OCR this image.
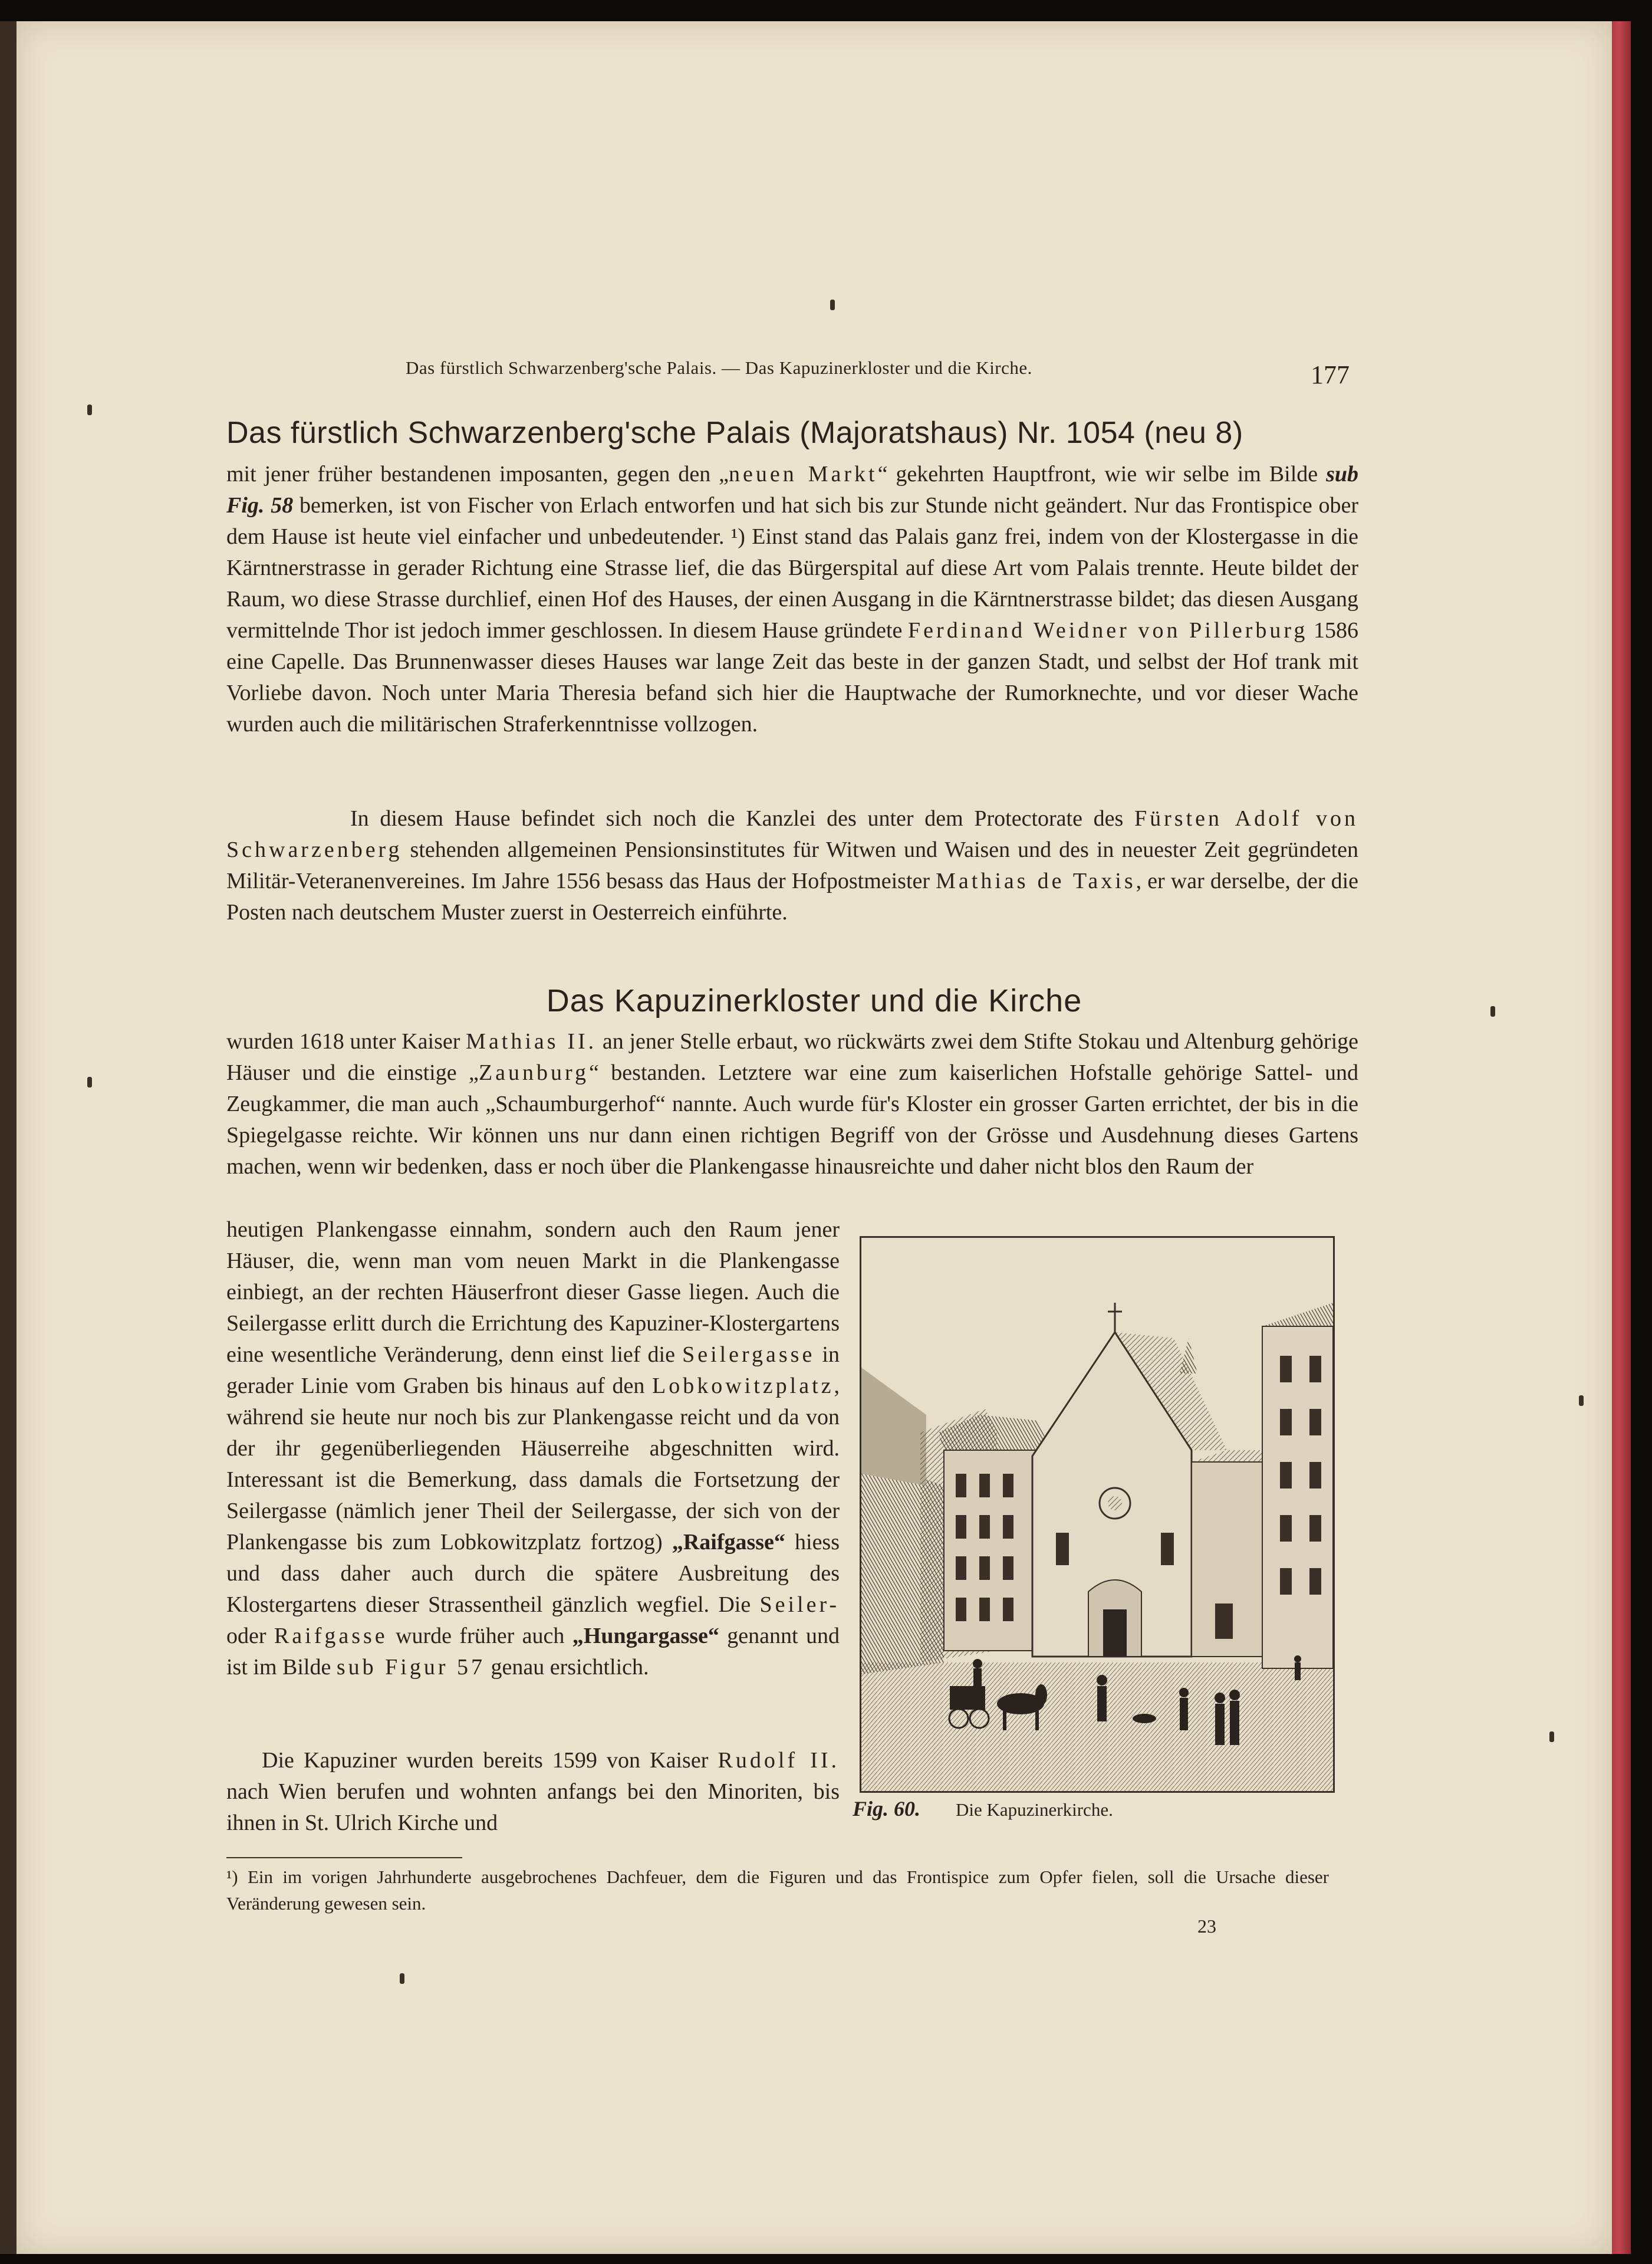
Das fürstlich Schwarzenberg'sche Palais. — Das Kapuzinerkloster und die Kirche.	177
Das fürstlich Schwarzenberg'sche Palais (Majoratshaus) Nr. 1054 (neu 8)

mit jener früher bestandenen imposanten, gegen den „neuen Markt“ gekehrten Hauptfront, wie wir selbe im Bilde sub Fig. 58 bemerken, ist von Fischer von Erlach entworfen und hat sich bis zur Stunde nicht geändert. Nur das Frontispice ober dem Hause ist heute viel einfacher und unbedeutender. ¹) Einst stand das Palais ganz frei, indem von der Klostergasse in die Kärntnerstrasse in gerader Richtung eine Strasse lief, die das Bürgerspital auf diese Art vom Palais trennte. Heute bildet der Raum, wo diese Strasse durchlief, einen Hof des Hauses, der einen Ausgang in die Kärntnerstrasse bildet; das diesen Ausgang vermittelnde Thor ist jedoch immer geschlossen. In diesem Hause gründete Ferdinand Weidner von Pillerburg 1586 eine Capelle. Das Brunnenwasser dieses Hauses war lange Zeit das beste in der ganzen Stadt, und selbst der Hof trank mit Vorliebe davon. Noch unter Maria Theresia befand sich hier die Hauptwache der Rumorknechte, und vor dieser Wache wurden auch die militärischen Straferkenntnisse vollzogen.

In diesem Hause befindet sich noch die Kanzlei des unter dem Protectorate des Fürsten Adolf von Schwarzenberg stehenden allgemeinen Pensionsinstitutes für Witwen und Waisen und des in neuester Zeit gegründeten Militär-Veteranenvereines. Im Jahre 1556 besass das Haus der Hofpostmeister Mathias de Taxis, er war derselbe, der die Posten nach deutschem Muster zuerst in Oesterreich einführte.

Das Kapuzinerkloster und die Kirche

wurden 1618 unter Kaiser Mathias II. an jener Stelle erbaut, wo rückwärts zwei dem Stifte Stokau und Altenburg gehörige Häuser und die einstige „Zaunburg“ bestanden. Letztere war eine zum kaiserlichen Hofstalle gehörige Sattel- und Zeugkammer, die man auch „Schaumburgerhof“ nannte. Auch wurde für's Kloster ein grosser Garten errichtet, der bis in die Spiegelgasse reichte. Wir können uns nur dann einen richtigen Begriff von der Grösse und Ausdehnung dieses Gartens machen, wenn wir bedenken, dass er noch über die Plankengasse hinausreichte und daher nicht blos den Raum der

heutigen Plankengasse einnahm, sondern auch den Raum jener Häuser, die, wenn man vom neuen Markt in die Plankengasse einbiegt, an der rechten Häuserfront dieser Gasse liegen. Auch die Seilergasse erlitt durch die Errichtung des Kapuziner-Klostergartens eine wesentliche Veränderung, denn einst lief die Seilergasse in gerader Linie vom Graben bis hinaus auf den Lobkowitzplatz, während sie heute nur noch bis zur Plankengasse reicht und da von der ihr gegenüberliegenden Häuserreihe abgeschnitten wird. Interessant ist die Bemerkung, dass damals die Fortsetzung der Seilergasse (nämlich jener Theil der Seilergasse, der sich von der Plankengasse bis zum Lobkowitzplatz fortzog) „Raifgasse“ hiess und dass daher auch durch die spätere Ausbreitung des Klostergartens dieser Strassentheil gänzlich wegfiel. Die Seiler- oder Raifgasse wurde früher auch „Hungargasse“ genannt und ist im Bilde sub Figur 57 genau ersichtlich.

Die Kapuziner wurden bereits 1599 von Kaiser Rudolf II. nach Wien berufen und wohnten anfangs bei den Minoriten, bis ihnen in St. Ulrich Kirche und

Fig. 60. Die Kapuzinerkirche.

¹) Ein im vorigen Jahrhunderte ausgebrochenes Dachfeuer, dem die Figuren und das Frontispice zum Opfer fielen, soll die Ursache dieser Veränderung gewesen sein.

23
